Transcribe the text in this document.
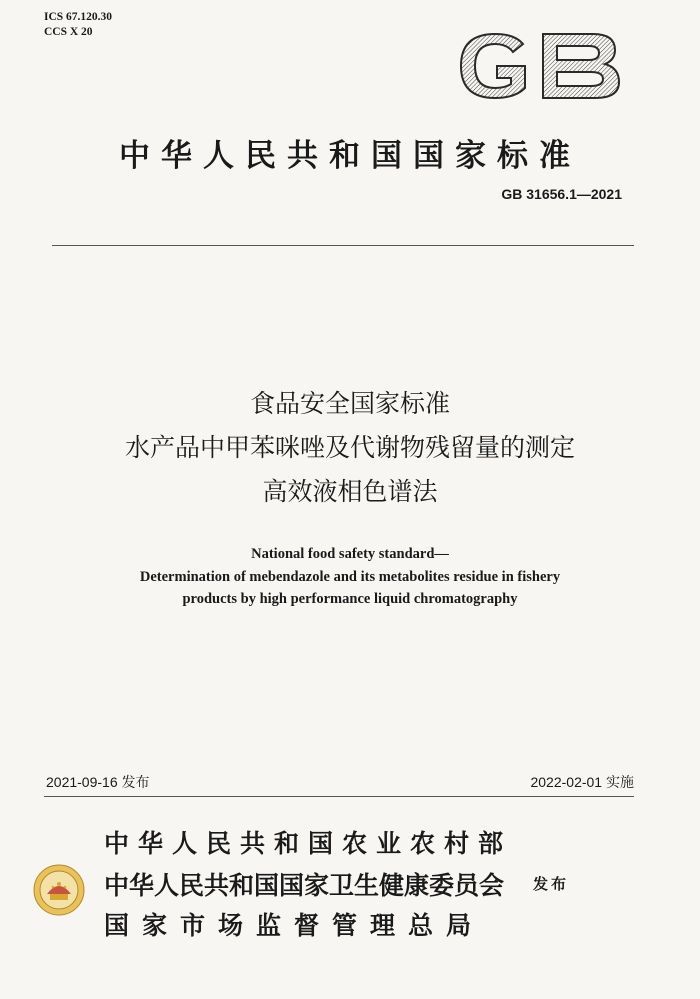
ICS 67.120.30
CCS X 20
GB
中华人民共和国国家标准
GB 31656.1—2021
食品安全国家标准
水产品中甲苯咪唑及代谢物残留量的测定
高效液相色谱法
National food safety standard—
Determination of mebendazole and its metabolites residue in fishery
products by high performance liquid chromatography
2021-09-16 发布	2022-02-01 实施
中华人民共和国农业农村部
中华人民共和国国家卫生健康委员会
国家市场监督管理总局
发布
